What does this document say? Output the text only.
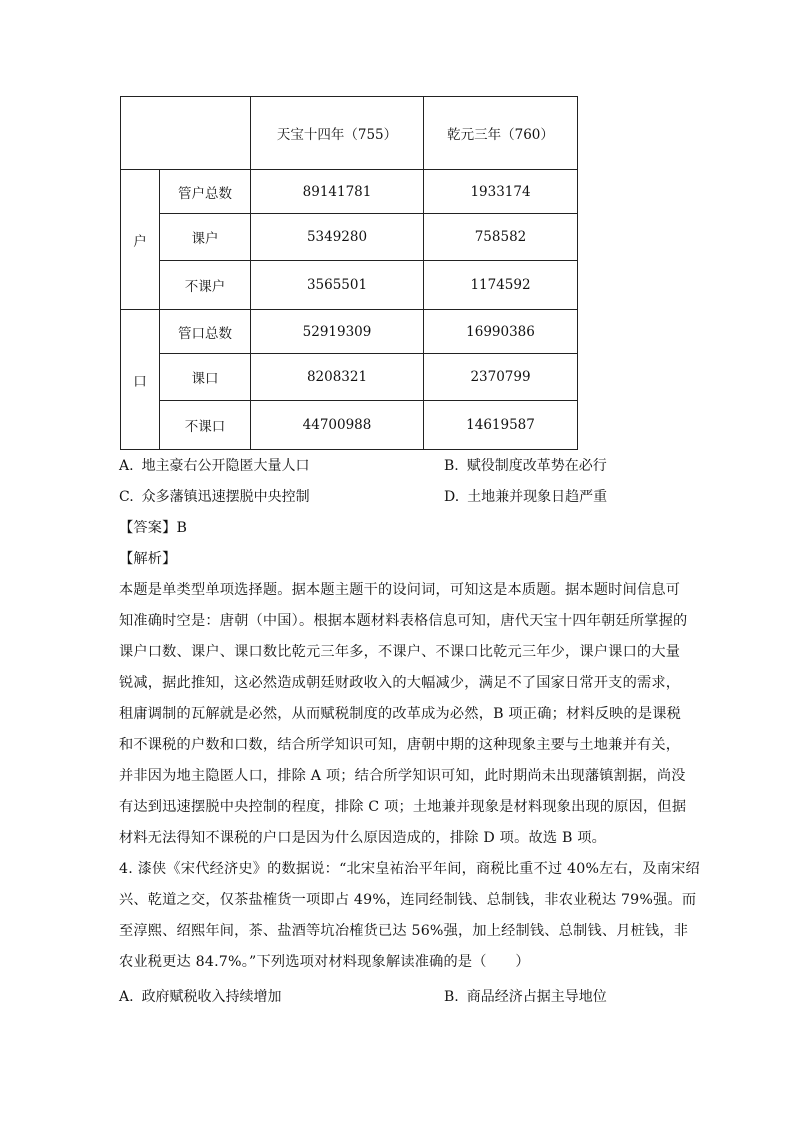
		天宝十四年（755）	乾元三年（760）
户	管户总数	89141781	1933174
	课户	5349280	758582
	不课户	3565501	1174592
口	管口总数	52919309	16990386
	课口	8208321	2370799
	不课口	44700988	14619587
A. 地主豪右公开隐匿大量人口	B. 赋役制度改革势在必行
C. 众多藩镇迅速摆脱中央控制	D. 土地兼并现象日趋严重
【答案】B
【解析】
本题是单类型单项选择题。据本题主题干的设问词，可知这是本质题。据本题时间信息可
知准确时空是：唐朝（中国）。根据本题材料表格信息可知，唐代天宝十四年朝廷所掌握的
课户口数、课户、课口数比乾元三年多，不课户、不课口比乾元三年少，课户课口的大量
锐减，据此推知，这必然造成朝廷财政收入的大幅减少，满足不了国家日常开支的需求，
租庸调制的瓦解就是必然，从而赋税制度的改革成为必然，B 项正确；材料反映的是课税
和不课税的户数和口数，结合所学知识可知，唐朝中期的这种现象主要与土地兼并有关，
并非因为地主隐匿人口，排除 A 项；结合所学知识可知，此时期尚未出现藩镇割据，尚没
有达到迅速摆脱中央控制的程度，排除 C 项；土地兼并现象是材料现象出现的原因，但据
材料无法得知不课税的户口是因为什么原因造成的，排除 D 项。故选 B 项。
4. 漆侠《宋代经济史》的数据说：“北宋皇祐治平年间，商税比重不过 40%左右，及南宋绍
兴、乾道之交，仅茶盐榷货一项即占 49%，连同经制钱、总制钱，非农业税达 79%强。而
至淳熙、绍熙年间，茶、盐酒等坑冶榷货已达 56%强，加上经制钱、总制钱、月桩钱，非
农业税更达 84.7%。”下列选项对材料现象解读准确的是（　　）
A. 政府赋税收入持续增加	B. 商品经济占据主导地位
